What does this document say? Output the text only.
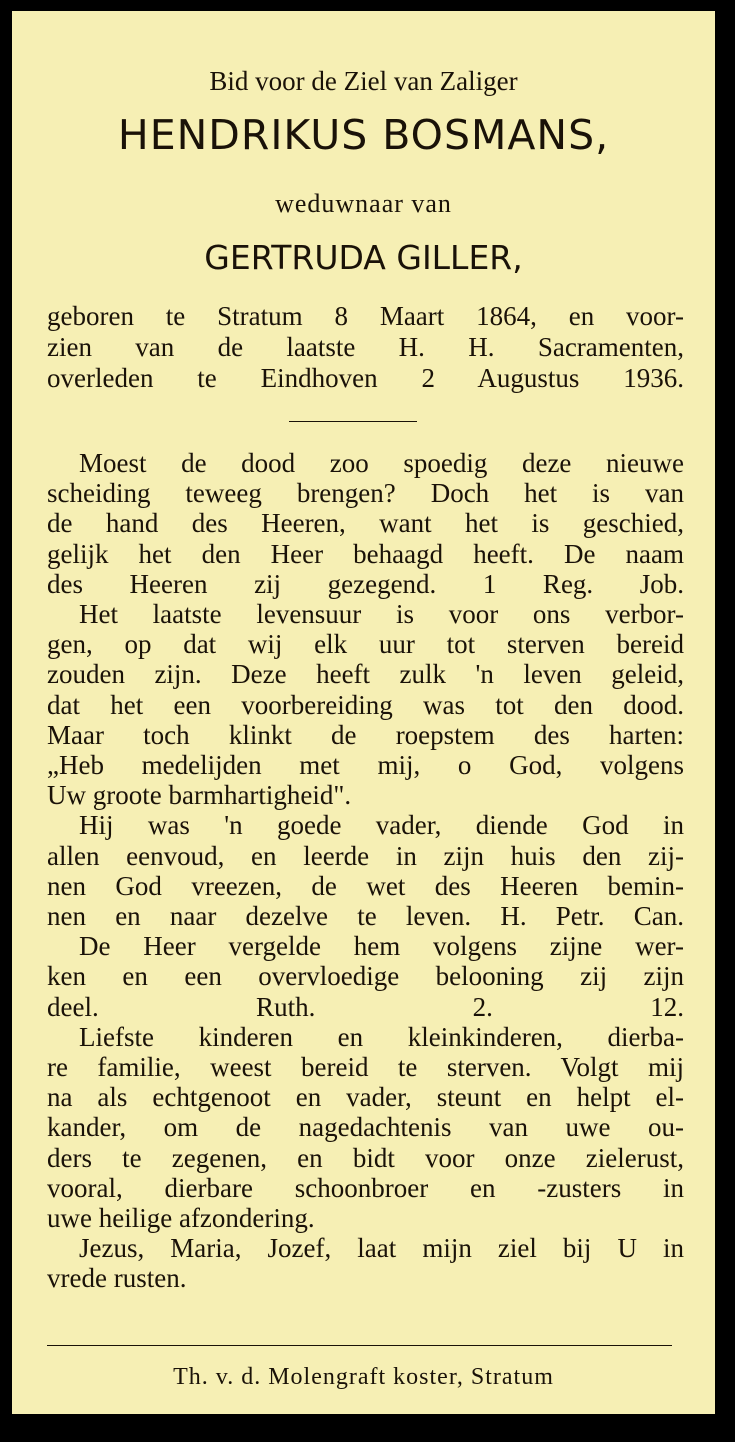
Bid voor de Ziel van Zaliger
HENDRIKUS BOSMANS,
weduwnaar van
GERTRUDA GILLER,
geboren te Stratum 8 Maart 1864, en voor-
zien van de laatste H. H. Sacramenten,
overleden te Eindhoven 2 Augustus 1936.
Moest de dood zoo spoedig deze nieuwe
scheiding teweeg brengen? Doch het is van
de hand des Heeren, want het is geschied,
gelijk het den Heer behaagd heeft. De naam
des Heeren zij gezegend. 1 Reg. Job.
Het laatste levensuur is voor ons verbor-
gen, op dat wij elk uur tot sterven bereid
zouden zijn. Deze heeft zulk 'n leven geleid,
dat het een voorbereiding was tot den dood.
Maar toch klinkt de roepstem des harten:
„Heb medelijden met mij, o God, volgens
Uw groote barmhartigheid".
Hij was 'n goede vader, diende God in
allen eenvoud, en leerde in zijn huis den zij-
nen God vreezen, de wet des Heeren bemin-
nen en naar dezelve te leven. H. Petr. Can.
De Heer vergelde hem volgens zijne wer-
ken en een overvloedige belooning zij zijn
deel. Ruth. 2. 12.
Liefste kinderen en kleinkinderen, dierba-
re familie, weest bereid te sterven. Volgt mij
na als echtgenoot en vader, steunt en helpt el-
kander, om de nagedachtenis van uwe ou-
ders te zegenen, en bidt voor onze zielerust,
vooral, dierbare schoonbroer en -zusters in
uwe heilige afzondering.
Jezus, Maria, Jozef, laat mijn ziel bij U in
vrede rusten.
Th. v. d. Molengraft koster, Stratum
